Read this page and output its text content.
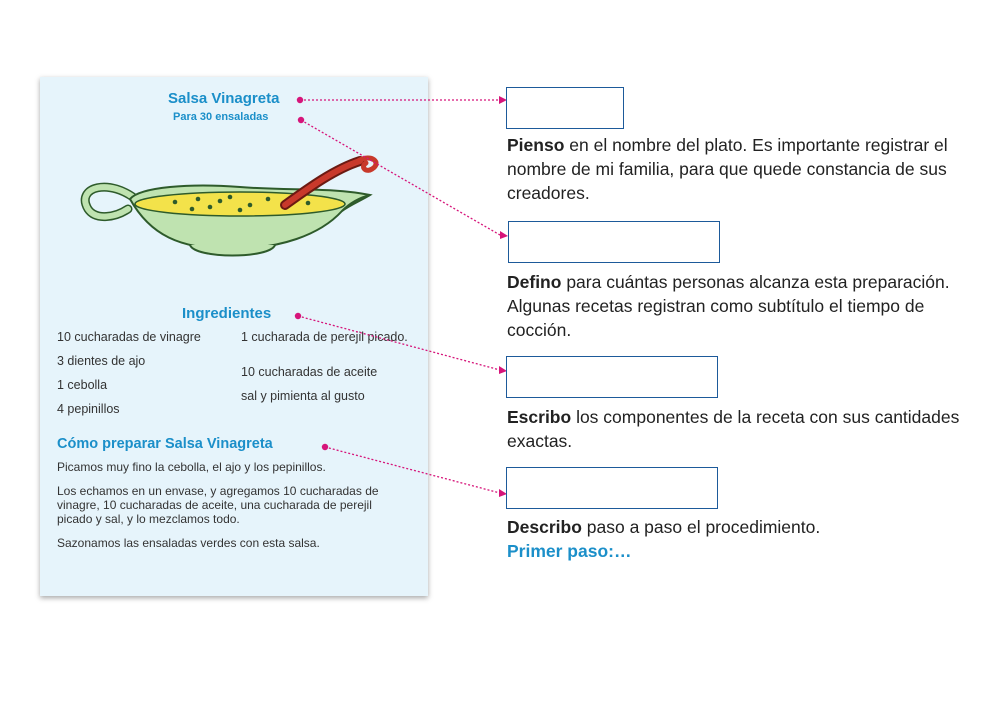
Salsa Vinagreta
Para 30 ensaladas
Ingredientes
10 cucharadas de vinagre
3 dientes de ajo
1 cebolla
4 pepinillos
1 cucharada de perejil picado.
10 cucharadas de aceite
sal y pimienta al gusto
Cómo preparar Salsa Vinagreta
Picamos muy fino la cebolla, el ajo y los pepinillos.
Los echamos en un envase, y agregamos 10 cucharadas de vinagre, 10 cucharadas de aceite, una cucharada de perejil picado y sal, y lo mezclamos todo.
Sazonamos las ensaladas verdes con esta salsa.
Pienso en el nombre del plato. Es importante registrar el nombre de mi familia, para que quede constancia de sus creadores.
Defino para cuántas personas alcanza esta preparación. Algunas recetas registran como subtítulo el tiempo de cocción.
Escribo los componentes de la receta con sus cantidades exactas.
Describo paso a paso el procedimiento.
Primer paso:…
